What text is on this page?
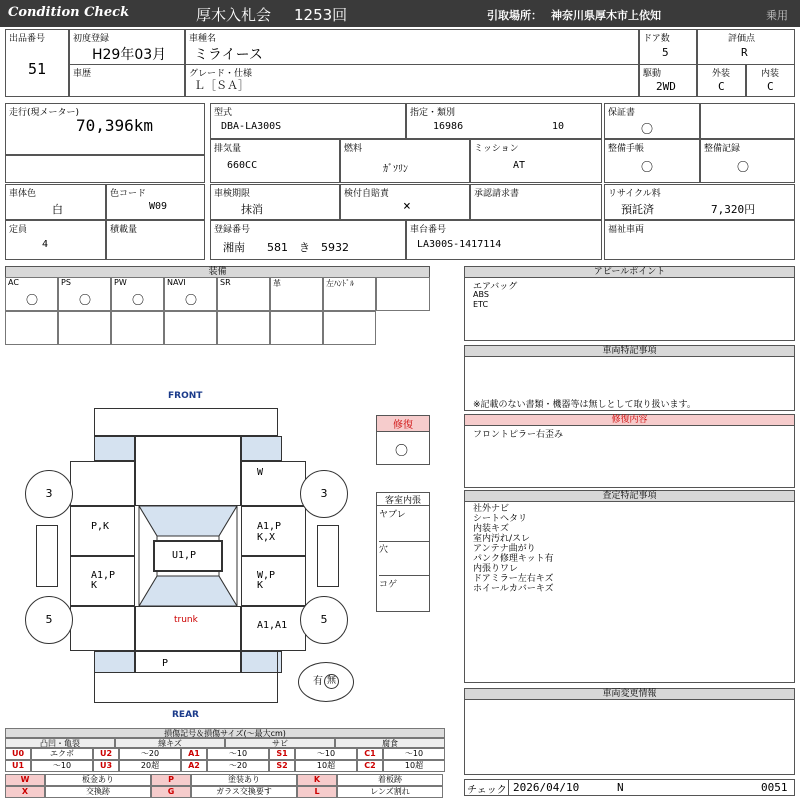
Condition Check	厚木入札会 1253回	引取場所： 神奈川県厚木市上依知	乗用
出品番号
51
初度登録
H29年03月
車歴
車種名
ミライース
グレード・仕様
Ｌ［ＳＡ］
ドア数
5
評価点
R
駆動
2WD
外装
C
内装
C
走行(現メーター)
70,396km
型式
DBA-LA300S
指定・類別
16986	10
保証書
〇
排気量
660CC
燃料
ｶﾞｿﾘﾝ
ミッション
AT
整備手帳
〇
整備記録
〇
車体色
白
色コード
W09
車検期限
抹消
検付自賠責
×
承認請求書	リサイクル料
預託済	7,320円
定員
4
積載量	登録番号
湘南　　581　き　5932
車台番号
LA300S-1417114
福祉車両
装備
AC
〇
PS
〇
PW
〇
NAVI
〇
SR	革	左ﾊﾝﾄﾞﾙ
アピールポイント
エアバッグ
ABS
ETC
車両特記事項
※記載のない書類・機器等は無しとして取り扱います。
修復内容
フロントピラー右歪み
査定特記事項
社外ナビ
シートヘタリ
内装キズ
室内汚れ/スレ
アンテナ曲がり
パンク修理キット有
内張りワレ
ドアミラー左右キズ
ホイールカバーキズ
車両変更情報
チェック 2026/04/10	N	0051
修復
〇
客室内張
ヤブレ
穴
コゲ
FRONT
REAR
W
P,K	A1,P
K,X
A1,P
K
W,P
K
U1,P
trunk	A1,A1
P
3	3
5	5
有 無
損傷記号＆損傷サイズ(〜最大cm)
凸凹・亀裂	線キズ	サビ	腐食
U0	エクボ	U2	〜20	A1	〜10	S1	〜10	C1	〜10
U1	〜10	U3	20超	A2	〜20	S2	10超	C2	10超
W	板金あり	P	塗装あり	K	着板跡
X	交換跡	G	ガラス交換要す	L	レンズ割れ
